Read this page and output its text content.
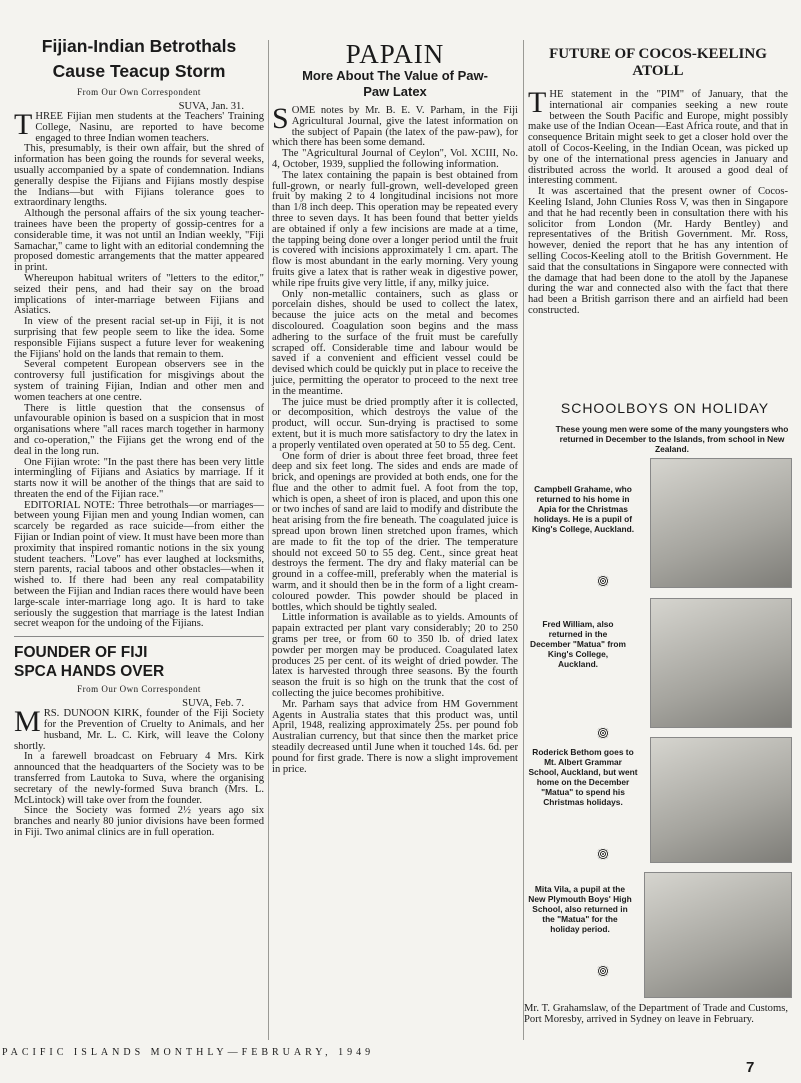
Fijian-Indian Betrothals Cause Teacup Storm
From Our Own Correspondent
SUVA, Jan. 31.
T HREE Fijian men students at the Teachers' Training College, Nasinu, are reported to have become engaged to three Indian women teachers.

This, presumably, is their own affair, but the shred of information has been going the rounds for several weeks, usually accompanied by a spate of condemnation. Indians generally despise the Fijians and Fijians mostly despise the Indians—but with Fijians tolerance goes to extraordinary lengths.

Although the personal affairs of the six young teacher-trainees have been the property of gossip-centres for a considerable time, it was not until an Indian weekly, "Fiji Samachar," came to light with an editorial condemning the proposed domestic arrangements that the matter appeared in print.

Whereupon habitual writers of "letters to the editor," seized their pens, and had their say on the broad implications of inter-marriage between Fijians and Asiatics.

In view of the present racial set-up in Fiji, it is not surprising that few people seem to like the idea. Some responsible Fijians suspect a future lever for weakening the Fijians' hold on the lands that remain to them.

Several competent European observers see in the controversy full justification for misgivings about the system of training Fijian, Indian and other men and women teachers at one centre.

There is little question that the consensus of unfavourable opinion is based on a suspicion that in most organisations where "all races march together in harmony and co-operation," the Fijians get the wrong end of the deal in the long run.

One Fijian wrote: "In the past there has been very little intermingling of Fijians and Asiatics by marriage. If it starts now it will be another of the things that are said to threaten the end of the Fijian race."

EDITORIAL NOTE: Three betrothals—or marriages—between young Fijian men and young Indian women, can scarcely be regarded as race suicide—from either the Fijian or Indian point of view. It must have been more than proximity that inspired romantic notions in the six young student teachers. "Love" has ever laughed at locksmiths, stern parents, racial taboos and other obstacles—when it wished to. If there had been any real compatability between the Fijian and Indian races there would have been large-scale inter-marriage long ago. It is hard to take seriously the suggestion that marriage is the latest Indian secret weapon for the undoing of the Fijians.

FOUNDER OF FIJI SPCA HANDS OVER
From Our Own Correspondent
SUVA, Feb. 7.
M RS. DUNOON KIRK, founder of the Fiji Society for the Prevention of Cruelty to Animals, and her husband, Mr. L. C. Kirk, will leave the Colony shortly.

In a farewell broadcast on February 4 Mrs. Kirk announced that the headquarters of the Society was to be transferred from Lautoka to Suva, where the organising secretary of the newly-formed Suva branch (Mrs. L. McLintock) will take over from the founder.

Since the Society was formed 2½ years ago six branches and nearly 80 junior divisions have been formed in Fiji. Two animal clinics are in full operation.

PAPAIN
More About The Value of Paw-Paw Latex
S OME notes by Mr. B. E. V. Parham, in the Fiji Agricultural Journal, give the latest information on the subject of Papain (the latex of the paw-paw), for which there has been some demand.

The "Agricultural Journal of Ceylon", Vol. XCIII, No. 4, October, 1939, supplied the following information.

The latex containing the papain is best obtained from full-grown, or nearly full-grown, well-developed green fruit by making 2 to 4 longitudinal incisions not more than 1/8 inch deep. This operation may be repeated every three to seven days. It has been found that better yields are obtained if only a few incisions are made at a time, the tapping being done over a longer period until the fruit is covered with incisions approximately 1 cm. apart. The flow is most abundant in the early morning. Very young fruits give a latex that is rather weak in digestive power, while ripe fruits give very little, if any, milky juice.

Only non-metallic containers, such as glass or porcelain dishes, should be used to collect the latex, because the juice acts on the metal and becomes discoloured. Coagulation soon begins and the mass adhering to the surface of the fruit must be carefully scraped off. Considerable time and labour would be saved if a convenient and efficient vessel could be devised which could be quickly put in place to receive the juice, permitting the operator to proceed to the next tree in the meantime.

The juice must be dried promptly after it is collected, or decomposition, which destroys the value of the product, will occur. Sun-drying is practised to some extent, but it is much more satisfactory to dry the latex in a properly ventilated oven operated at 50 to 55 deg. Cent.

One form of drier is about three feet broad, three feet deep and six feet long. The sides and ends are made of brick, and openings are provided at both ends, one for the flue and the other to admit fuel. A foot from the top, which is open, a sheet of iron is placed, and upon this one or two inches of sand are laid to modify and distribute the heat arising from the fire beneath. The coagulated juice is spread upon brown linen stretched upon frames, which are made to fit the top of the drier. The temperature should not exceed 50 to 55 deg. Cent., since great heat destroys the ferment. The dry and flaky material can be ground in a coffee-mill, preferably when the material is warm, and it should then be in the form of a light cream-coloured powder. This powder should be placed in bottles, which should be tightly sealed.

Little information is available as to yields. Amounts of papain extracted per plant vary considerably; 20 to 250 grams per tree, or from 60 to 350 lb. of dried latex powder per morgen may be produced. Coagulated latex produces 25 per cent. of its weight of dried powder. The latex is harvested through three seasons. By the fourth season the fruit is so high on the trunk that the cost of collecting the juice becomes prohibitive.

Mr. Parham says that advice from HM Government Agents in Australia states that this product was, until April, 1948, realizing approximately 25s. per pound fob Australian currency, but that since then the market price steadily decreased until June when it touched 14s. 6d. per pound for first grade. There is now a slight improvement in price.

FUTURE OF COCOS-KEELING ATOLL
T HE statement in the "PIM" of January, that the international air companies seeking a new route between the South Pacific and Europe, might possibly make use of the Indian Ocean—East Africa route, and that in consequence Britain might seek to get a closer hold over the atoll of Cocos-Keeling, in the Indian Ocean, was picked up by one of the international press agencies in January and distributed across the world. It aroused a good deal of interesting comment.

It was ascertained that the present owner of Cocos-Keeling Island, John Clunies Ross V, was then in Singapore and that he had recently been in consultation there with his solicitor from London (Mr. Hardy Bentley) and representatives of the British Government. Mr. Ross, however, denied the report that he has any intention of selling Cocos-Keeling atoll to the British Government. He said that the consultations in Singapore were connected with the damage that had been done to the atoll by the Japanese during the war and connected also with the fact that there had been a British garrison there and an airfield had been constructed.

SCHOOLBOYS ON HOLIDAY
These young men were some of the many youngsters who returned in December to the Islands, from school in New Zealand.
Campbell Grahame, who returned to his home in Apia for the Christmas holidays. He is a pupil of King's College, Auckland.
Fred William, also returned in the December "Matua" from King's College, Auckland.
Roderick Bethom goes to Mt. Albert Grammar School, Auckland, but went home on the December "Matua" to spend his Christmas holidays.
Mita Vila, a pupil at the New Plymouth Boys' High School, also returned in the "Matua" for the holiday period.

Mr. T. Grahamslaw, of the Department of Trade and Customs, Port Moresby, arrived in Sydney on leave in February.

PACIFIC ISLANDS MONTHLY—FEBRUARY, 1949
7
